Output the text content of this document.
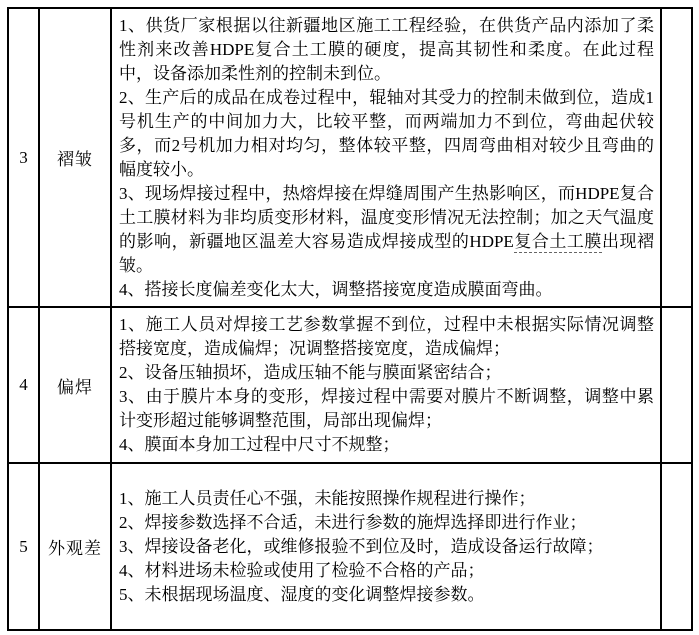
3	褶皱	1、供货厂家根据以往新疆地区施工工程经验，在供货产品内添加了柔性剂来改善HDPE复合土工膜的硬度，提高其韧性和柔度。在此过程中，设备添加柔性剂的控制未到位。
2、生产后的成品在成卷过程中，辊轴对其受力的控制未做到位，造成1号机生产的中间加力大，比较平整，而两端加力不到位，弯曲起伏较多，而2号机加力相对均匀，整体较平整，四周弯曲相对较少且弯曲的幅度较小。
3、现场焊接过程中，热熔焊接在焊缝周围产生热影响区，而HDPE复合土工膜材料为非均质变形材料，温度变形情况无法控制；加之天气温度的影响，新疆地区温差大容易造成焊接成型的HDPE复合土工膜出现褶皱。
4、搭接长度偏差变化太大，调整搭接宽度造成膜面弯曲。	

4	偏焊	1、施工人员对焊接工艺参数掌握不到位，过程中未根据实际情况调整搭接宽度，造成偏焊；况调整搭接宽度，造成偏焊；
2、设备压轴损坏，造成压轴不能与膜面紧密结合；
3、由于膜片本身的变形，焊接过程中需要对膜片不断调整，调整中累计变形超过能够调整范围，局部出现偏焊；
4、膜面本身加工过程中尺寸不规整；	

5	外观差	1、施工人员责任心不强，未能按照操作规程进行操作；
2、焊接参数选择不合适，未进行参数的施焊选择即进行作业；
3、焊接设备老化，或维修报验不到位及时，造成设备运行故障；
4、材料进场未检验或使用了检验不合格的产品；
5、未根据现场温度、湿度的变化调整焊接参数。	
